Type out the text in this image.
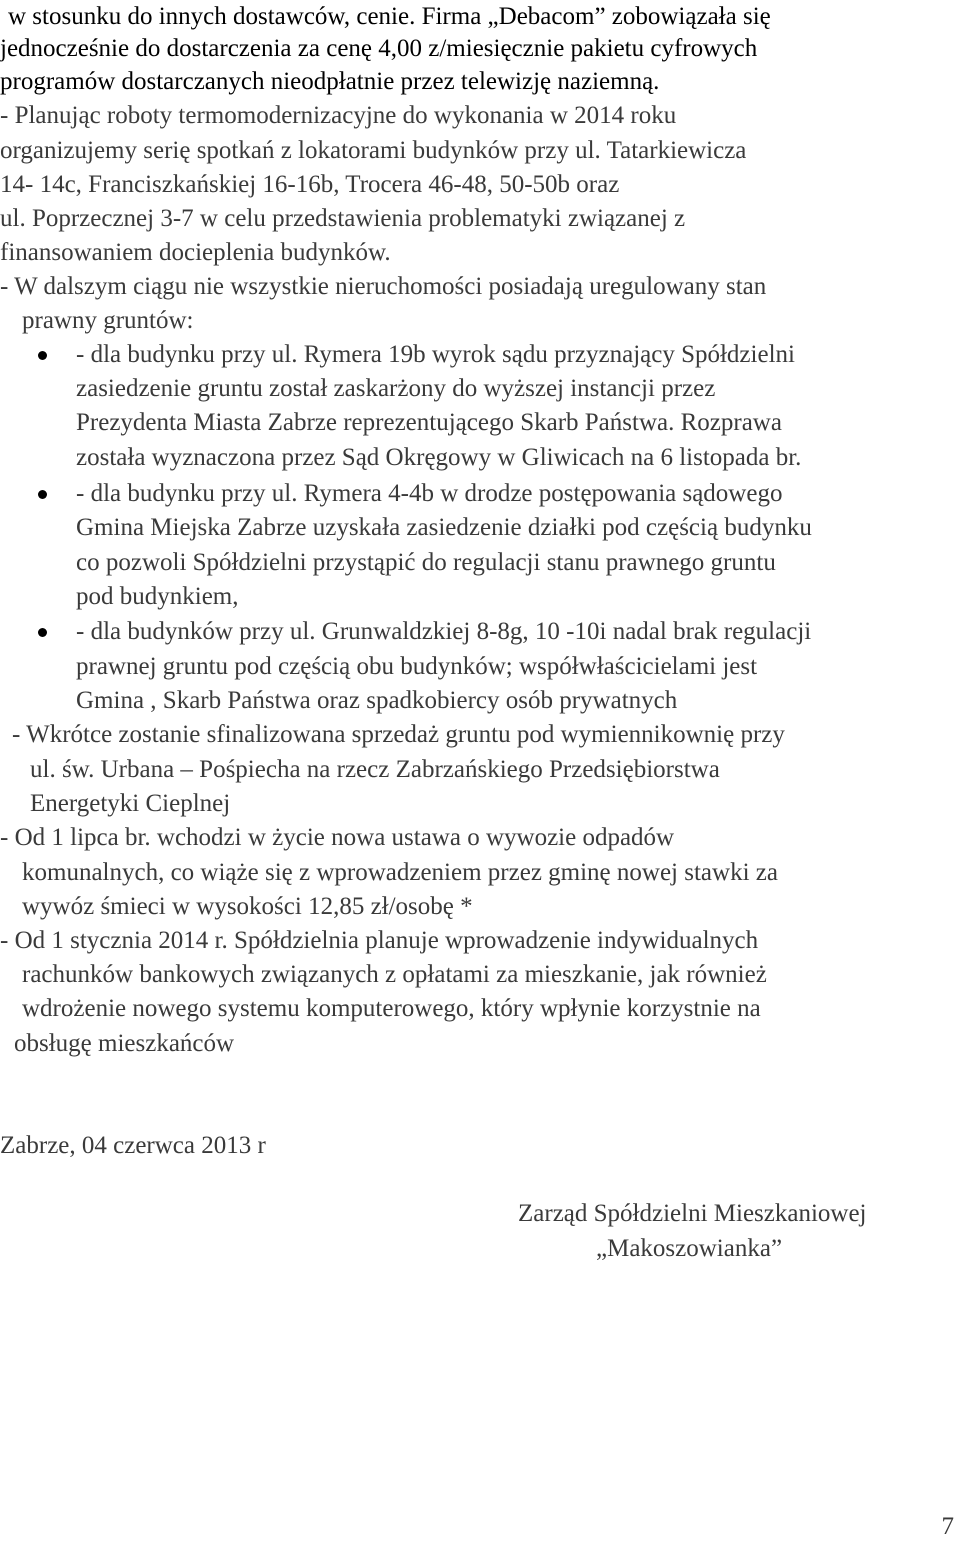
w stosunku do innych dostawców, cenie. Firma „Debacom” zobowiązała się
jednocześnie do dostarczenia za cenę 4,00 z/miesięcznie pakietu cyfrowych
programów dostarczanych nieodpłatnie przez telewizję naziemną.
- Planując roboty termomodernizacyjne do wykonania w 2014 roku
organizujemy serię spotkań z lokatorami budynków przy ul. Tatarkiewicza
14- 14c, Franciszkańskiej 16-16b, Trocera 46-48, 50-50b oraz
ul. Poprzecznej 3-7 w celu przedstawienia problematyki związanej z
finansowaniem docieplenia budynków.
- W dalszym ciągu nie wszystkie nieruchomości posiadają uregulowany stan
prawny gruntów:
- dla budynku przy ul. Rymera 19b wyrok sądu przyznający Spółdzielni
zasiedzenie gruntu został zaskarżony do wyższej instancji przez
Prezydenta Miasta Zabrze reprezentującego Skarb Państwa. Rozprawa
została wyznaczona przez Sąd Okręgowy w Gliwicach na 6 listopada br.
- dla budynku przy ul. Rymera 4-4b w drodze postępowania sądowego
Gmina Miejska Zabrze uzyskała zasiedzenie działki pod częścią budynku
co pozwoli Spółdzielni przystąpić do regulacji stanu prawnego gruntu
pod budynkiem,
- dla budynków przy ul. Grunwaldzkiej 8-8g, 10 -10i nadal brak regulacji
prawnej gruntu pod częścią obu budynków; współwłaścicielami jest
Gmina , Skarb Państwa oraz spadkobiercy osób prywatnych
- Wkrótce zostanie sfinalizowana sprzedaż gruntu pod wymiennikownię przy
ul. św. Urbana – Pośpiecha na rzecz Zabrzańskiego Przedsiębiorstwa
Energetyki Cieplnej
- Od 1 lipca br. wchodzi w życie nowa ustawa o wywozie odpadów
komunalnych, co wiąże się z wprowadzeniem przez gminę nowej stawki za
wywóz śmieci w wysokości 12,85 zł/osobę *
- Od 1 stycznia 2014 r. Spółdzielnia planuje wprowadzenie indywidualnych
rachunków bankowych związanych z opłatami za mieszkanie, jak również
wdrożenie nowego systemu komputerowego, który wpłynie korzystnie na
obsługę mieszkańców
Zabrze, 04 czerwca 2013 r
Zarząd Spółdzielni Mieszkaniowej
„Makoszowianka”
7
